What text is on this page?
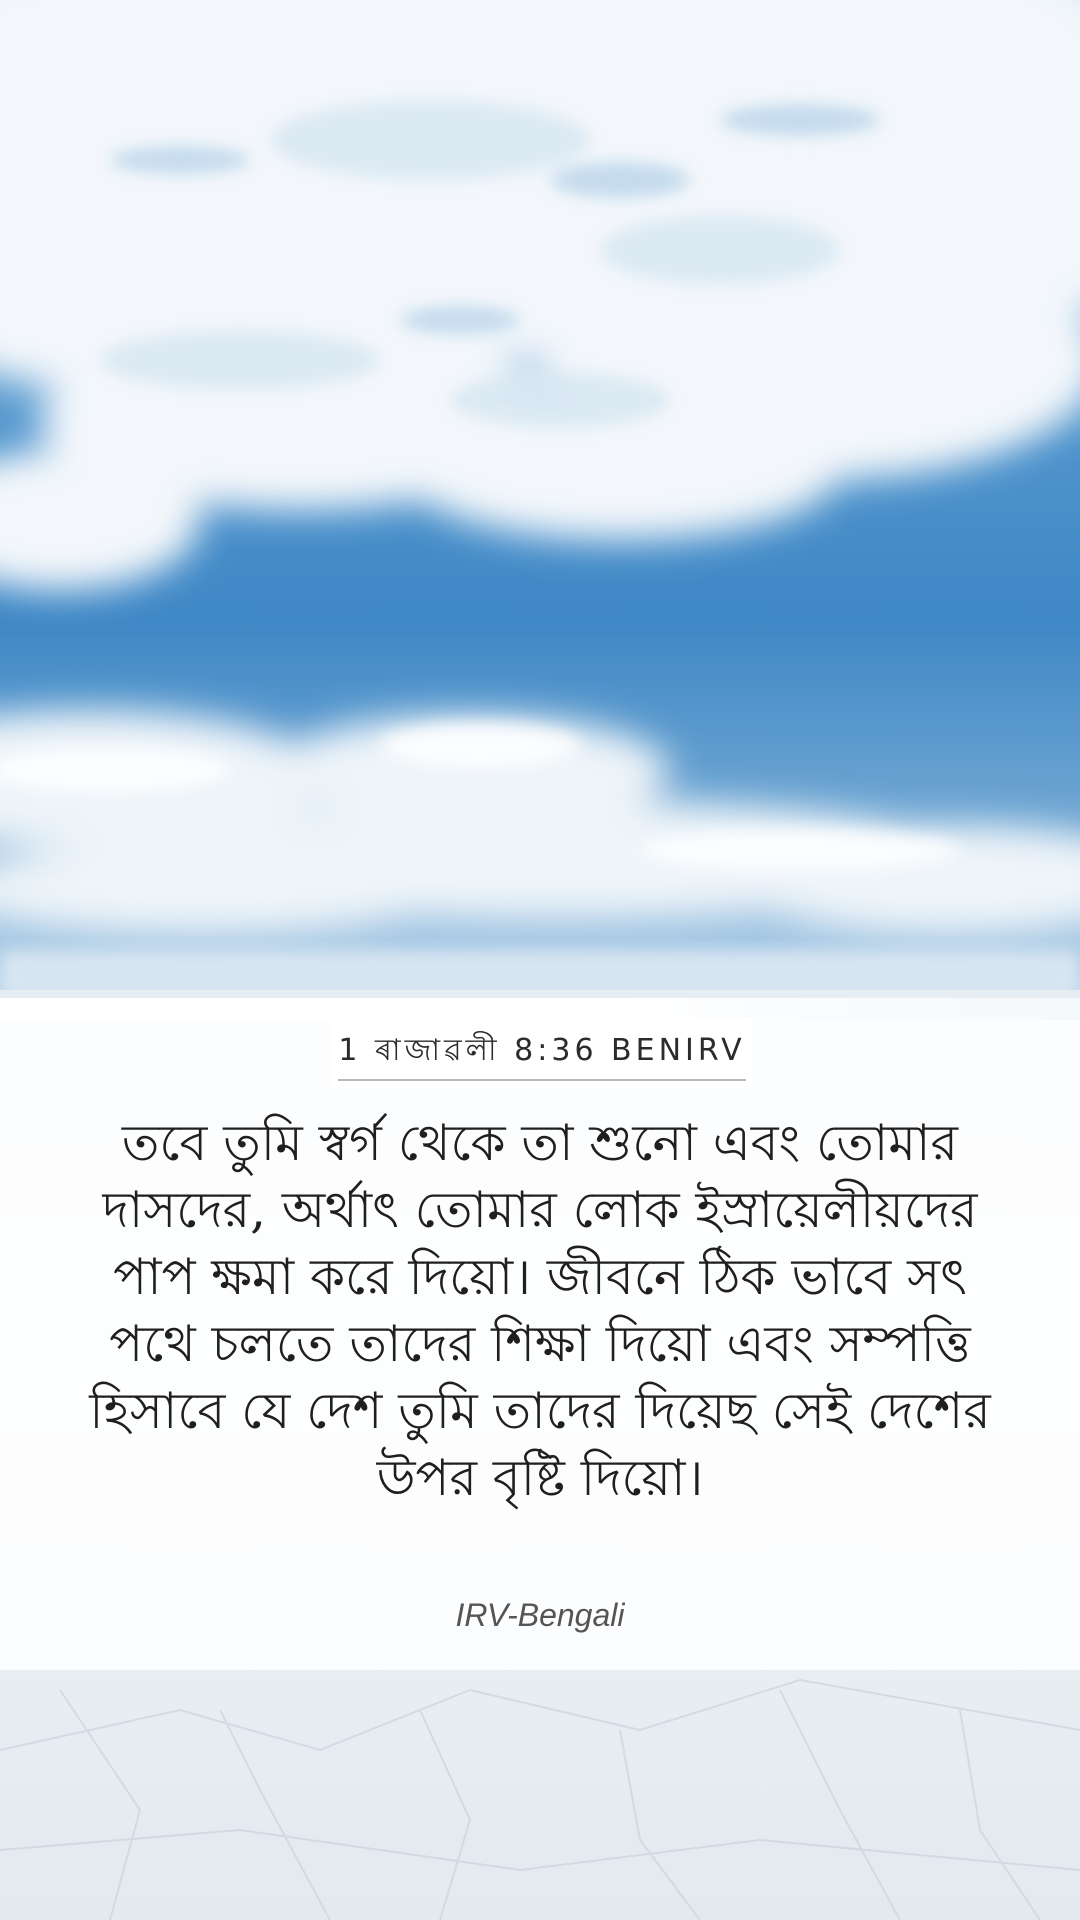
1 ৰাজাৱলী 8:36 BENIRV
তবে তুমি স্বর্গ থেকে তা শুনো এবং তোমার দাসদের, অর্থাৎ তোমার লোক ইস্রায়েলীয়দের পাপ ক্ষমা করে দিয়ো। জীবনে ঠিক ভাবে সৎ পথে চলতে তাদের শিক্ষা দিয়ো এবং সম্পত্তি হিসাবে যে দেশ তুমি তাদের দিয়েছ সেই দেশের উপর বৃষ্টি দিয়ো।
IRV-Bengali
